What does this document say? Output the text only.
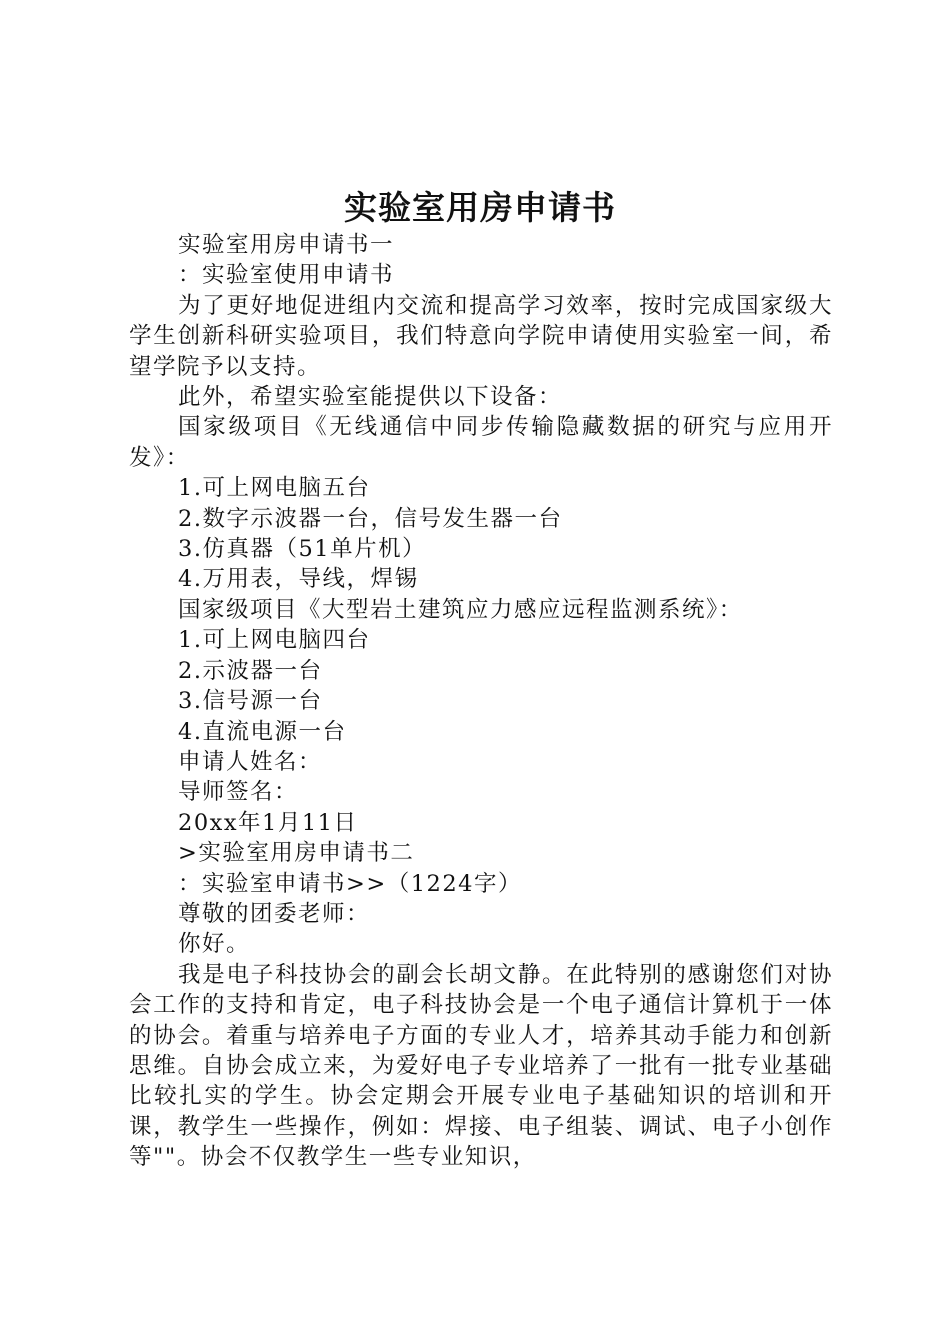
实验室用房申请书

实验室用房申请书一

：实验室使用申请书

为了更好地促进组内交流和提高学习效率，按时完成国家级大学生创新科研实验项目，我们特意向学院申请使用实验室一间，希望学院予以支持。

此外，希望实验室能提供以下设备：

国家级项目《无线通信中同步传输隐藏数据的研究与应用开发》：

1.可上网电脑五台

2.数字示波器一台，信号发生器一台

3.仿真器（51单片机）

4.万用表，导线，焊锡

国家级项目《大型岩土建筑应力感应远程监测系统》：

1.可上网电脑四台

2.示波器一台

3.信号源一台

4.直流电源一台

申请人姓名：

导师签名：

20xx年1月11日

>实验室用房申请书二

：实验室申请书>>（1224字）

尊敬的团委老师：

你好。

我是电子科技协会的副会长胡文静。在此特别的感谢您们对协会工作的支持和肯定，电子科技协会是一个电子通信计算机于一体的协会。着重与培养电子方面的专业人才，培养其动手能力和创新思维。自协会成立来，为爱好电子专业培养了一批有一批专业基础比较扎实的学生。协会定期会开展专业电子基础知识的培训和开课，教学生一些操作，例如：焊接、电子组装、调试、电子小创作等""。协会不仅教学生一些专业知识，
